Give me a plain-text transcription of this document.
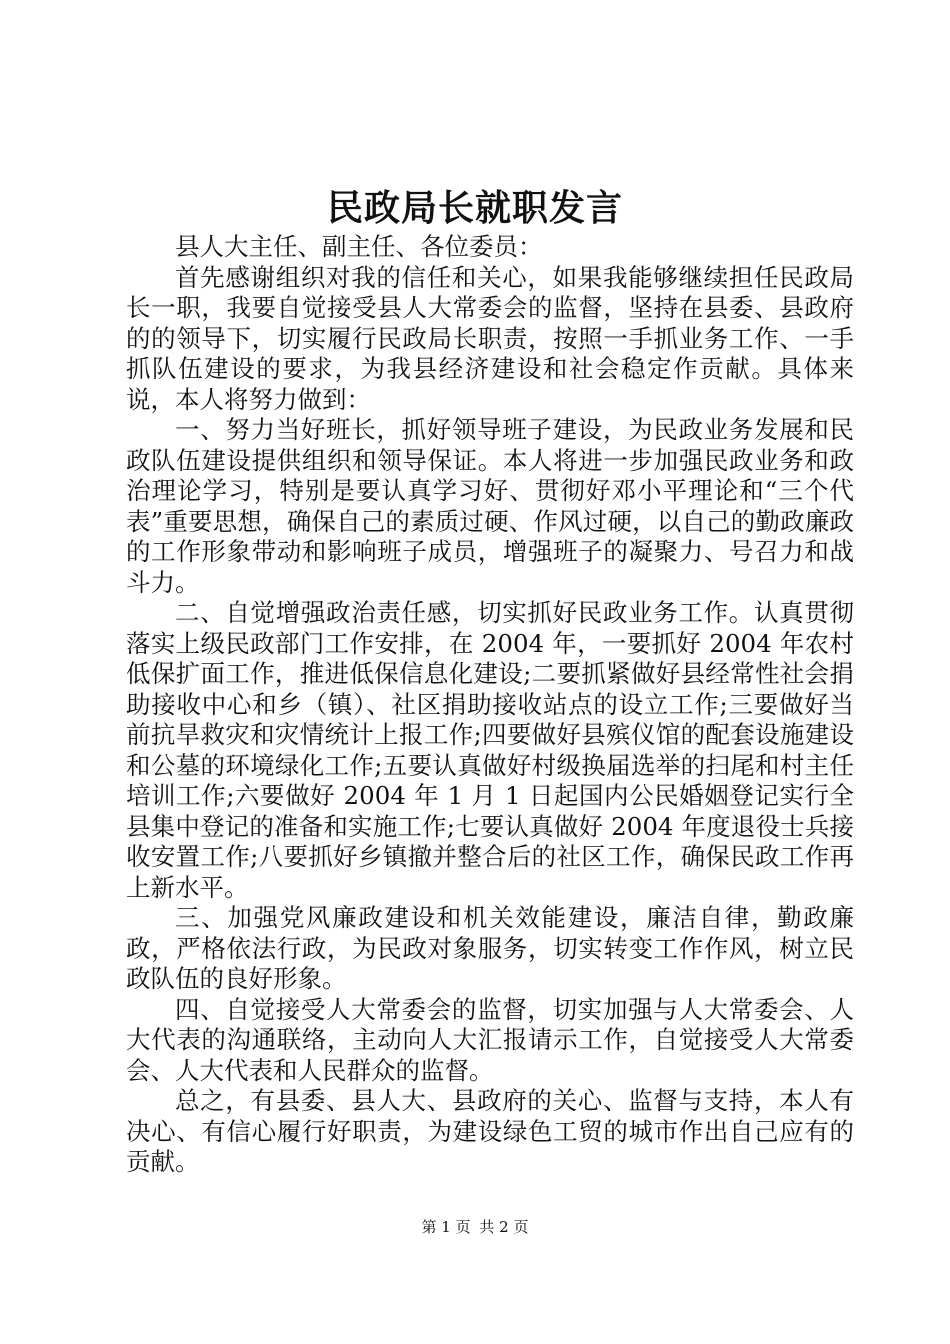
民政局长就职发言

县人大主任、副主任、各位委员：

首先感谢组织对我的信任和关心，如果我能够继续担任民政局长一职，我要自觉接受县人大常委会的监督，坚持在县委、县政府的的领导下，切实履行民政局长职责，按照一手抓业务工作、一手抓队伍建设的要求，为我县经济建设和社会稳定作贡献。具体来说，本人将努力做到：

一、努力当好班长，抓好领导班子建设，为民政业务发展和民政队伍建设提供组织和领导保证。本人将进一步加强民政业务和政治理论学习，特别是要认真学习好、贯彻好邓小平理论和“三个代表”重要思想，确保自己的素质过硬、作风过硬，以自己的勤政廉政的工作形象带动和影响班子成员，增强班子的凝聚力、号召力和战斗力。

二、自觉增强政治责任感，切实抓好民政业务工作。认真贯彻落实上级民政部门工作安排，在 2004 年，一要抓好 2004 年农村低保扩面工作，推进低保信息化建设;二要抓紧做好县经常性社会捐助接收中心和乡（镇）、社区捐助接收站点的设立工作;三要做好当前抗旱救灾和灾情统计上报工作;四要做好县殡仪馆的配套设施建设和公墓的环境绿化工作;五要认真做好村级换届选举的扫尾和村主任培训工作;六要做好 2004 年 1 月 1 日起国内公民婚姻登记实行全县集中登记的准备和实施工作;七要认真做好 2004 年度退役士兵接收安置工作;八要抓好乡镇撤并整合后的社区工作，确保民政工作再上新水平。

三、加强党风廉政建设和机关效能建设，廉洁自律，勤政廉政，严格依法行政，为民政对象服务，切实转变工作作风，树立民政队伍的良好形象。

四、自觉接受人大常委会的监督，切实加强与人大常委会、人大代表的沟通联络，主动向人大汇报请示工作，自觉接受人大常委会、人大代表和人民群众的监督。

总之，有县委、县人大、县政府的关心、监督与支持，本人有决心、有信心履行好职责，为建设绿色工贸的城市作出自己应有的贡献。

第 1 页 共 2 页
